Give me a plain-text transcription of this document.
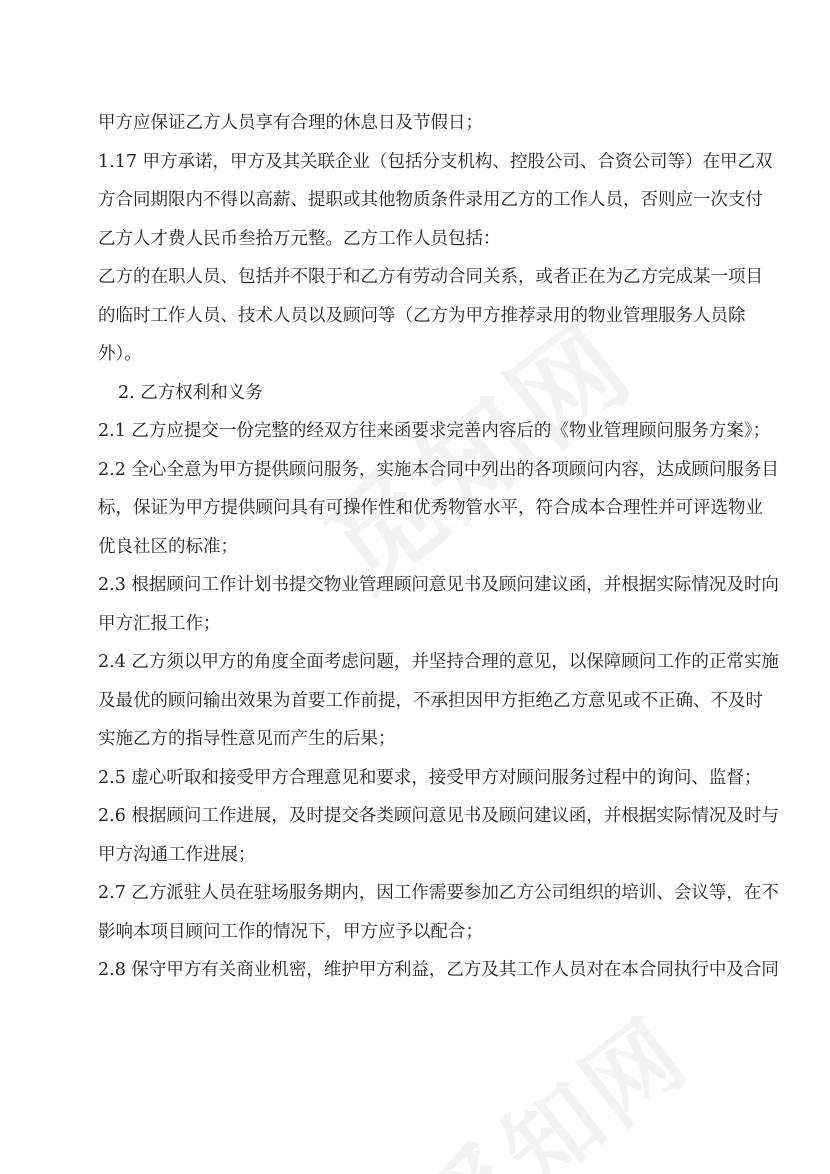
甲方应保证乙方人员享有合理的休息日及节假日；
1.17 甲方承诺，甲方及其关联企业（包括分支机构、控股公司、合资公司等）在甲乙双
方合同期限内不得以高薪、提职或其他物质条件录用乙方的工作人员，否则应一次支付
乙方人才费人民币叁拾万元整。乙方工作人员包括：
乙方的在职人员、包括并不限于和乙方有劳动合同关系，或者正在为乙方完成某一项目
的临时工作人员、技术人员以及顾问等（乙方为甲方推荐录用的物业管理服务人员除
外）。
2. 乙方权利和义务
2.1 乙方应提交一份完整的经双方往来函要求完善内容后的《物业管理顾问服务方案》；
2.2 全心全意为甲方提供顾问服务，实施本合同中列出的各项顾问内容，达成顾问服务目
标，保证为甲方提供顾问具有可操作性和优秀物管水平，符合成本合理性并可评选物业
优良社区的标准；
2.3 根据顾问工作计划书提交物业管理顾问意见书及顾问建议函，并根据实际情况及时向
甲方汇报工作；
2.4 乙方须以甲方的角度全面考虑问题，并坚持合理的意见，以保障顾问工作的正常实施
及最优的顾问输出效果为首要工作前提，不承担因甲方拒绝乙方意见或不正确、不及时
实施乙方的指导性意见而产生的后果；
2.5 虚心听取和接受甲方合理意见和要求，接受甲方对顾问服务过程中的询问、监督；
2.6 根据顾问工作进展，及时提交各类顾问意见书及顾问建议函，并根据实际情况及时与
甲方沟通工作进展；
2.7 乙方派驻人员在驻场服务期内，因工作需要参加乙方公司组织的培训、会议等，在不
影响本项目顾问工作的情况下，甲方应予以配合；
2.8 保守甲方有关商业机密，维护甲方利益，乙方及其工作人员对在本合同执行中及合同
